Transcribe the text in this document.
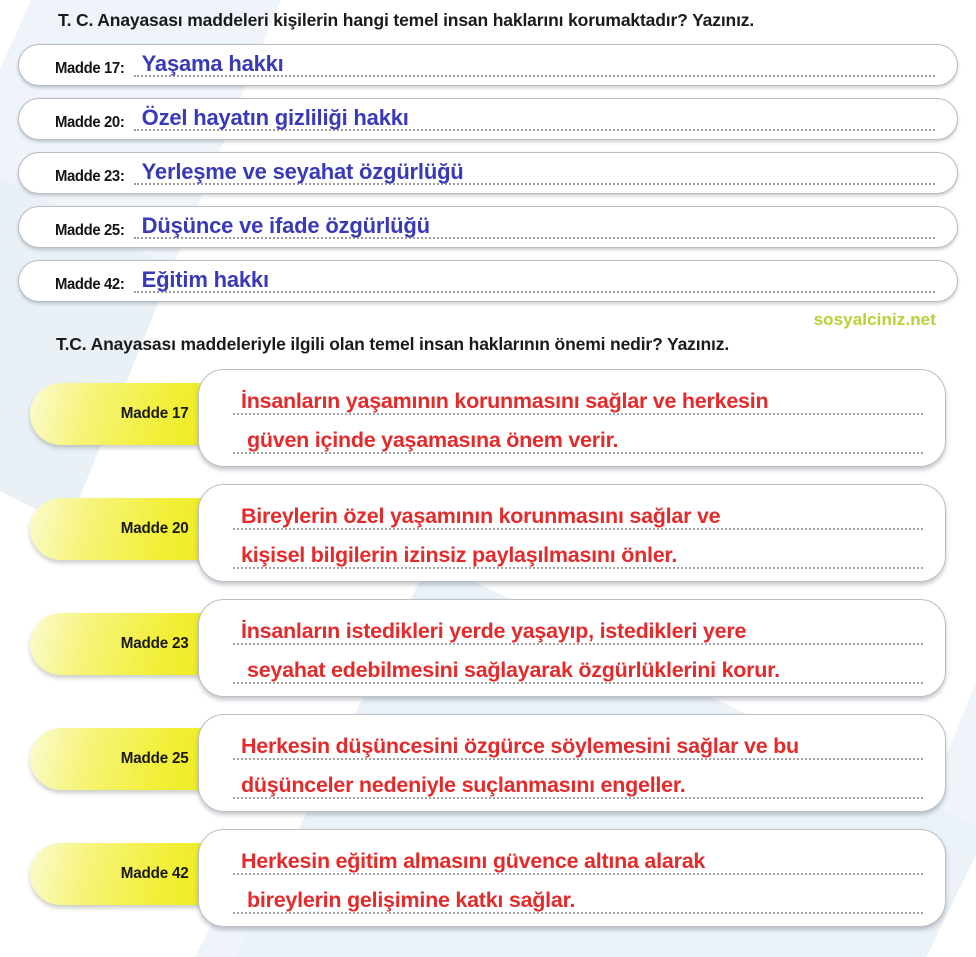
T. C. Anayasası maddeleri kişilerin hangi temel insan haklarını korumaktadır? Yazınız.
Madde 17: Yaşama hakkı
Madde 20: Özel hayatın gizliliği hakkı
Madde 23: Yerleşme ve seyahat özgürlüğü
Madde 25: Düşünce ve ifade özgürlüğü
Madde 42: Eğitim hakkı
sosyalciniz.net
T.C. Anayasası maddeleriyle ilgili olan temel insan haklarının önemi nedir? Yazınız.
Madde 17
İnsanların yaşamının korunmasını sağlar ve herkesin
güven içinde yaşamasına önem verir.
Madde 20
Bireylerin özel yaşamının korunmasını sağlar ve
kişisel bilgilerin izinsiz paylaşılmasını önler.
Madde 23
İnsanların istedikleri yerde yaşayıp, istedikleri yere
seyahat edebilmesini sağlayarak özgürlüklerini korur.
Madde 25
Herkesin düşüncesini özgürce söylemesini sağlar ve bu
düşünceler nedeniyle suçlanmasını engeller.
Madde 42
Herkesin eğitim almasını güvence altına alarak
bireylerin gelişimine katkı sağlar.
